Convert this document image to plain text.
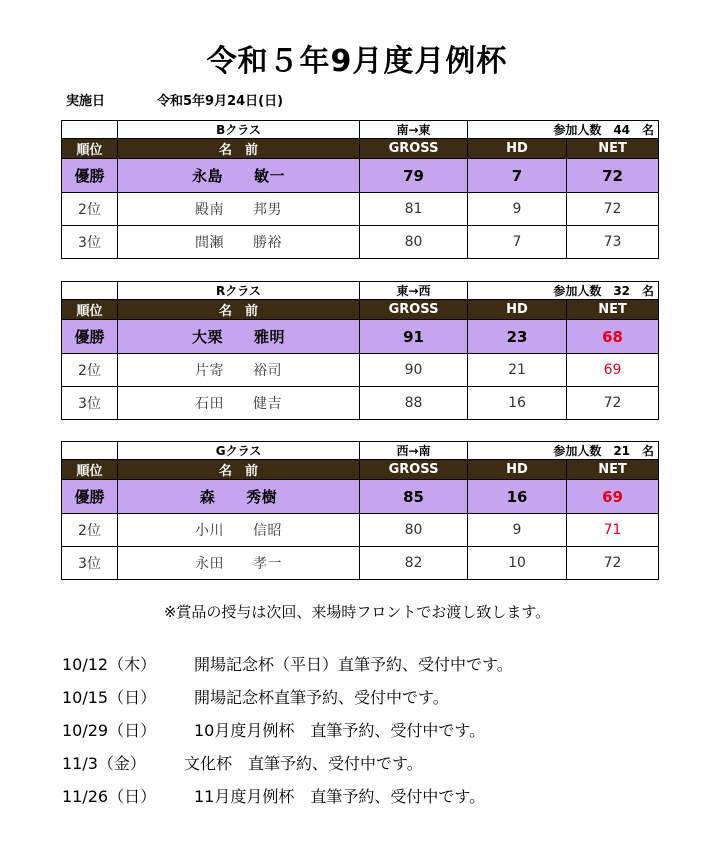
令和５年9月度月例杯
実施日	令和5年9月24日(日)
	Bクラス	南→東	参加人数　44　名	
順位	名　前	GROSS	HD	NET
優勝	永島　　敏一	79	7	72
2位	殿南　　邦男	81	9	72
3位	間瀬　　勝裕	80	7	73
	Rクラス	東→西	参加人数　32　名	
順位	名　前	GROSS	HD	NET
優勝	大栗　　雅明	91	23	68
2位	片寄　　裕司	90	21	69
3位	石田　　健吉	88	16	72
	Gクラス	西→南	参加人数　21　名	
順位	名　前	GROSS	HD	NET
優勝	森　　秀樹	85	16	69
2位	小川　　信昭	80	9	71
3位	永田　　孝一	82	10	72
※賞品の授与は次回、来場時フロントでお渡し致します。
10/12（木） 開場記念杯（平日）直筆予約、受付中です。
10/15（日） 開場記念杯直筆予約、受付中です。
10/29（日） 10月度月例杯　直筆予約、受付中です。
11/3（金） 文化杯　直筆予約、受付中です。
11/26（日） 11月度月例杯　直筆予約、受付中です。
